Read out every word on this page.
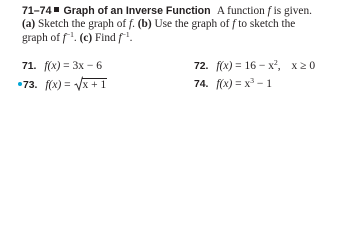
71–74 Graph of an Inverse Function A function f is given.
(a) Sketch the graph of f. (b) Use the graph of f to sketch the
graph of $f^{-1}$. (c) Find $f^{-1}$.
71. f(x) = 3x − 6	72. $f(x) = 16 - x^2$, x ≥ 0
73. f(x) = x + 1	74. $f(x) = x^3 - 1$
